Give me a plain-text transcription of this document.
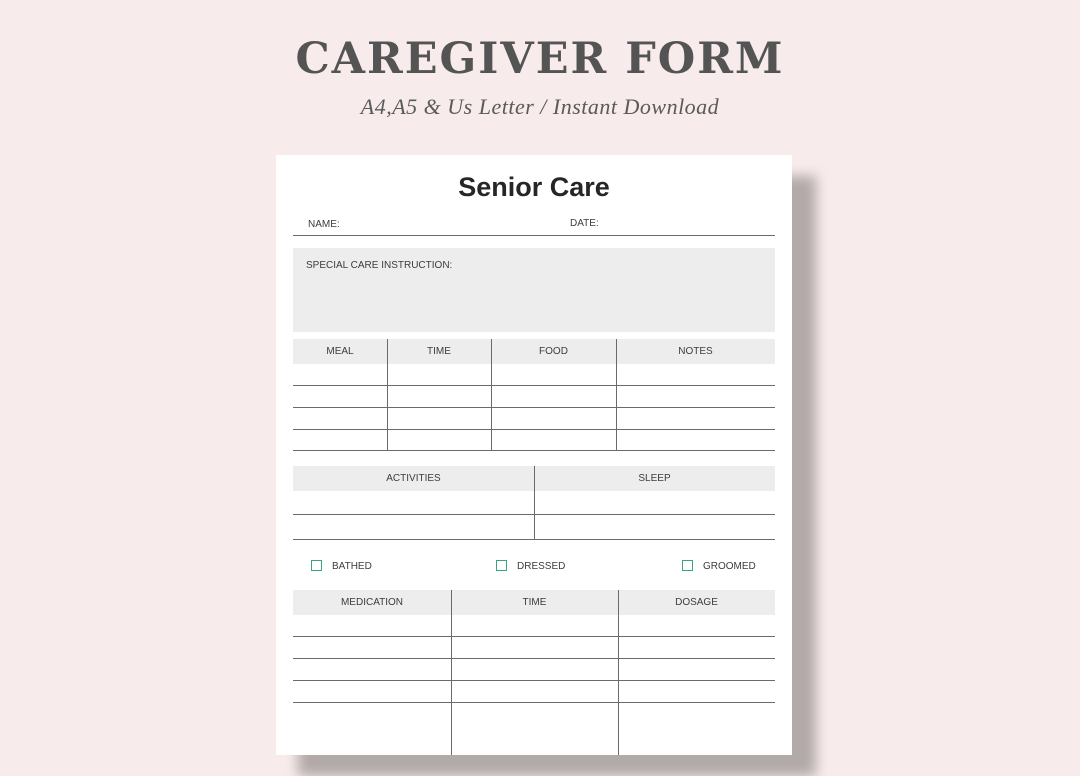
CAREGIVER FORM

A4,A5 & Us Letter / Instant Download

Senior Care
NAME:	DATE:
SPECIAL CARE INSTRUCTION:
MEAL	TIME	FOOD	NOTES
ACTIVITIES	SLEEP
BATHED	DRESSED	GROOMED
MEDICATION	TIME	DOSAGE
